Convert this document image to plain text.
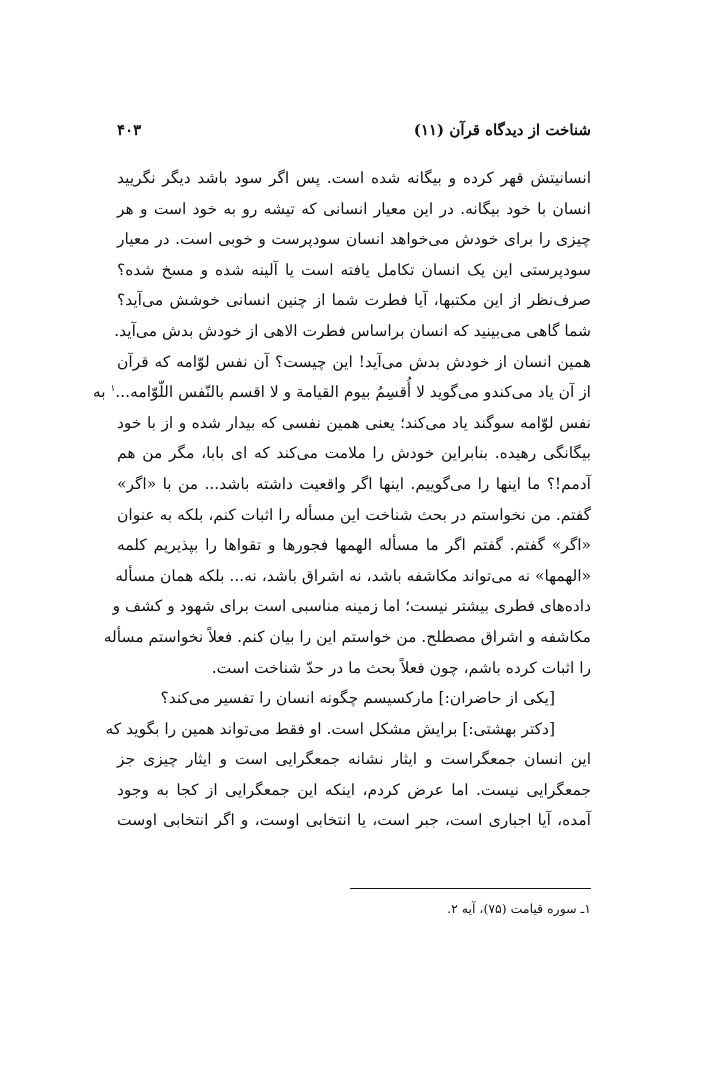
شناخت از دیدگاه قرآن (۱۱)
۴۰۳
انسانیتش قهر کرده و بیگانه شده است. پس اگر سود باشد دیگر نگریید
انسان با خود بیگانه. در این معیار انسانی که تیشه رو به خود است و هر
چیزی را برای خودش می‌خواهد انسان سودپرست و خوبی است. در معیار
سودپرستی این یک انسان تکامل یافته است یا آلینه شده و مسخ شده؟
صرف‌نظر از این مکتبها، آیا فطرت شما از چنین انسانی خوشش می‌آید؟
شما گاهی می‌بینید که انسان براساس فطرت الاهی از خودش بدش می‌آید.
همین انسان از خودش بدش می‌آید! این چیست؟ آن نفس لوّامه که قرآن
از آن یاد می‌کندو می‌گوید لا أُقسِمُ بیوم القیامة و لا اقسم بالنّفس اللّوّامه...$^۱$ به
نفس لوّامه سوگند یاد می‌کند؛ یعنی همین نفسی که بیدار شده و از با خود
بیگانگی رهیده. بنابراین خودش را ملامت می‌کند که ای بابا، مگر من هم
آدمم!؟ ما اینها را می‌گوییم. اینها اگر واقعیت داشته باشد... من با «اگر»
گفتم. من نخواستم در بحث شناخت این مسأله را اثبات کنم، بلکه به عنوان
«اگر» گفتم. گفتم اگر ما مسأله الهمها فجورها و تقواها را بپذیریم کلمه
«الهمها» نه می‌تواند مکاشفه باشد، نه اشراق باشد، نه... بلکه همان مسأله
داده‌های فطری بیشتر نیست؛ اما زمینه مناسبی است برای شهود و کشف و
مکاشفه و اشراق مصطلح. من خواستم این را بیان کنم. فعلاً نخواستم مسأله
را اثبات کرده باشم، چون فعلاً بحث ما در حدّ شناخت است.
[یکی از حاضران:] مارکسیسم چگونه انسان را تفسیر می‌کند؟
[دکتر بهشتی:] برایش مشکل است. او فقط می‌تواند همین را بگوید که
این انسان جمعگراست و ایثار نشانه جمعگرایی است و ایثار چیزی جز
جمعگرایی نیست. اما عرض کردم، اینکه این جمعگرایی از کجا به وجود
آمده، آیا اجباری است، جبر است، یا انتخابی اوست، و اگر انتخابی اوست
۱ـ سوره قیامت (۷۵)، آیه ۲.
